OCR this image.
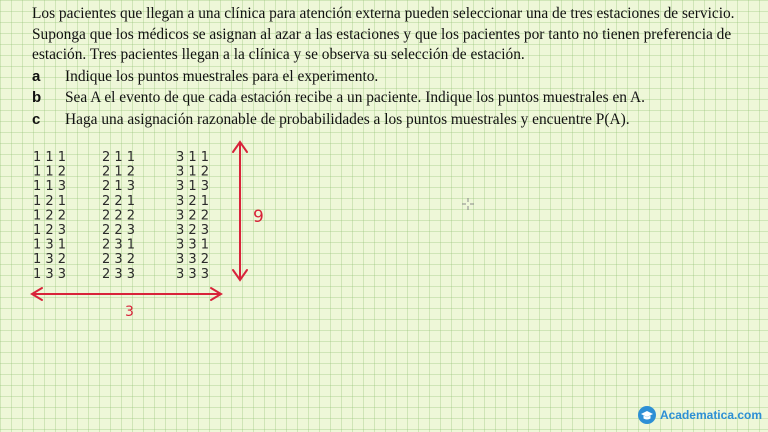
Los pacientes que llegan a una clínica para atención externa pueden seleccionar una de tres estaciones de servicio. Suponga que los médicos se asignan al azar a las estaciones y que los pacientes por tanto no tienen preferencia de estación. Tres pacientes llegan a la clínica y se observa su selección de estación.

a Indique los puntos muestrales para el experimento.
b Sea A el evento de que cada estación recibe a un paciente. Indique los puntos muestrales en A.
c Haga una asignación razonable de probabilidades a los puntos muestrales y encuentre P(A).
1 1 1
1 1 2
1 1 3
1 2 1
1 2 2
1 2 3
1 3 1
1 3 2
1 3 3
2 1 1
2 1 2
2 1 3
2 2 1
2 2 2
2 2 3
2 3 1
2 3 2
2 3 3
3 1 1
3 1 2
3 1 3
3 2 1
3 2 2
3 2 3
3 3 1
3 3 2
3 3 3
9
3
Academatica.com
